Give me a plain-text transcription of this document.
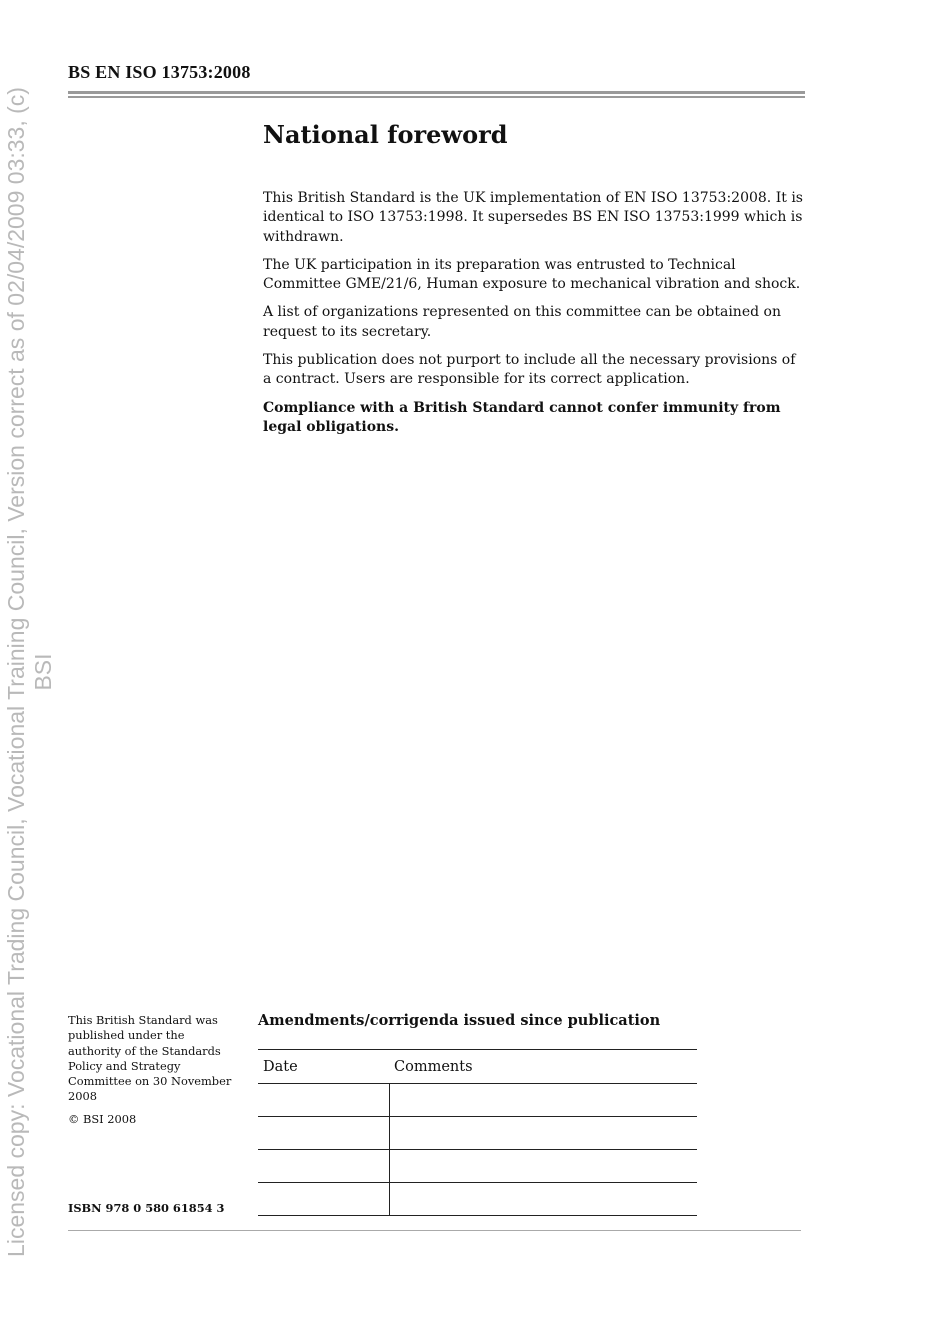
Licensed copy: Vocational Trading Council, Vocational Training Council, Version correct as of 02/04/2009 03:33, (c) BSI
BS EN ISO 13753:2008
National foreword

This British Standard is the UK implementation of EN ISO 13753:2008. It is identical to ISO 13753:1998. It supersedes BS EN ISO 13753:1999 which is withdrawn.

The UK participation in its preparation was entrusted to Technical Committee GME/21/6, Human exposure to mechanical vibration and shock.

A list of organizations represented on this committee can be obtained on request to its secretary.

This publication does not purport to include all the necessary provisions of a contract. Users are responsible for its correct application.

Compliance with a British Standard cannot confer immunity from legal obligations.

This British Standard was published under the authority of the Standards Policy and Strategy Committee on 30 November 2008

© BSI 2008
ISBN 978 0 580 61854 3
Amendments/corrigenda issued since publication
Date	Comments
